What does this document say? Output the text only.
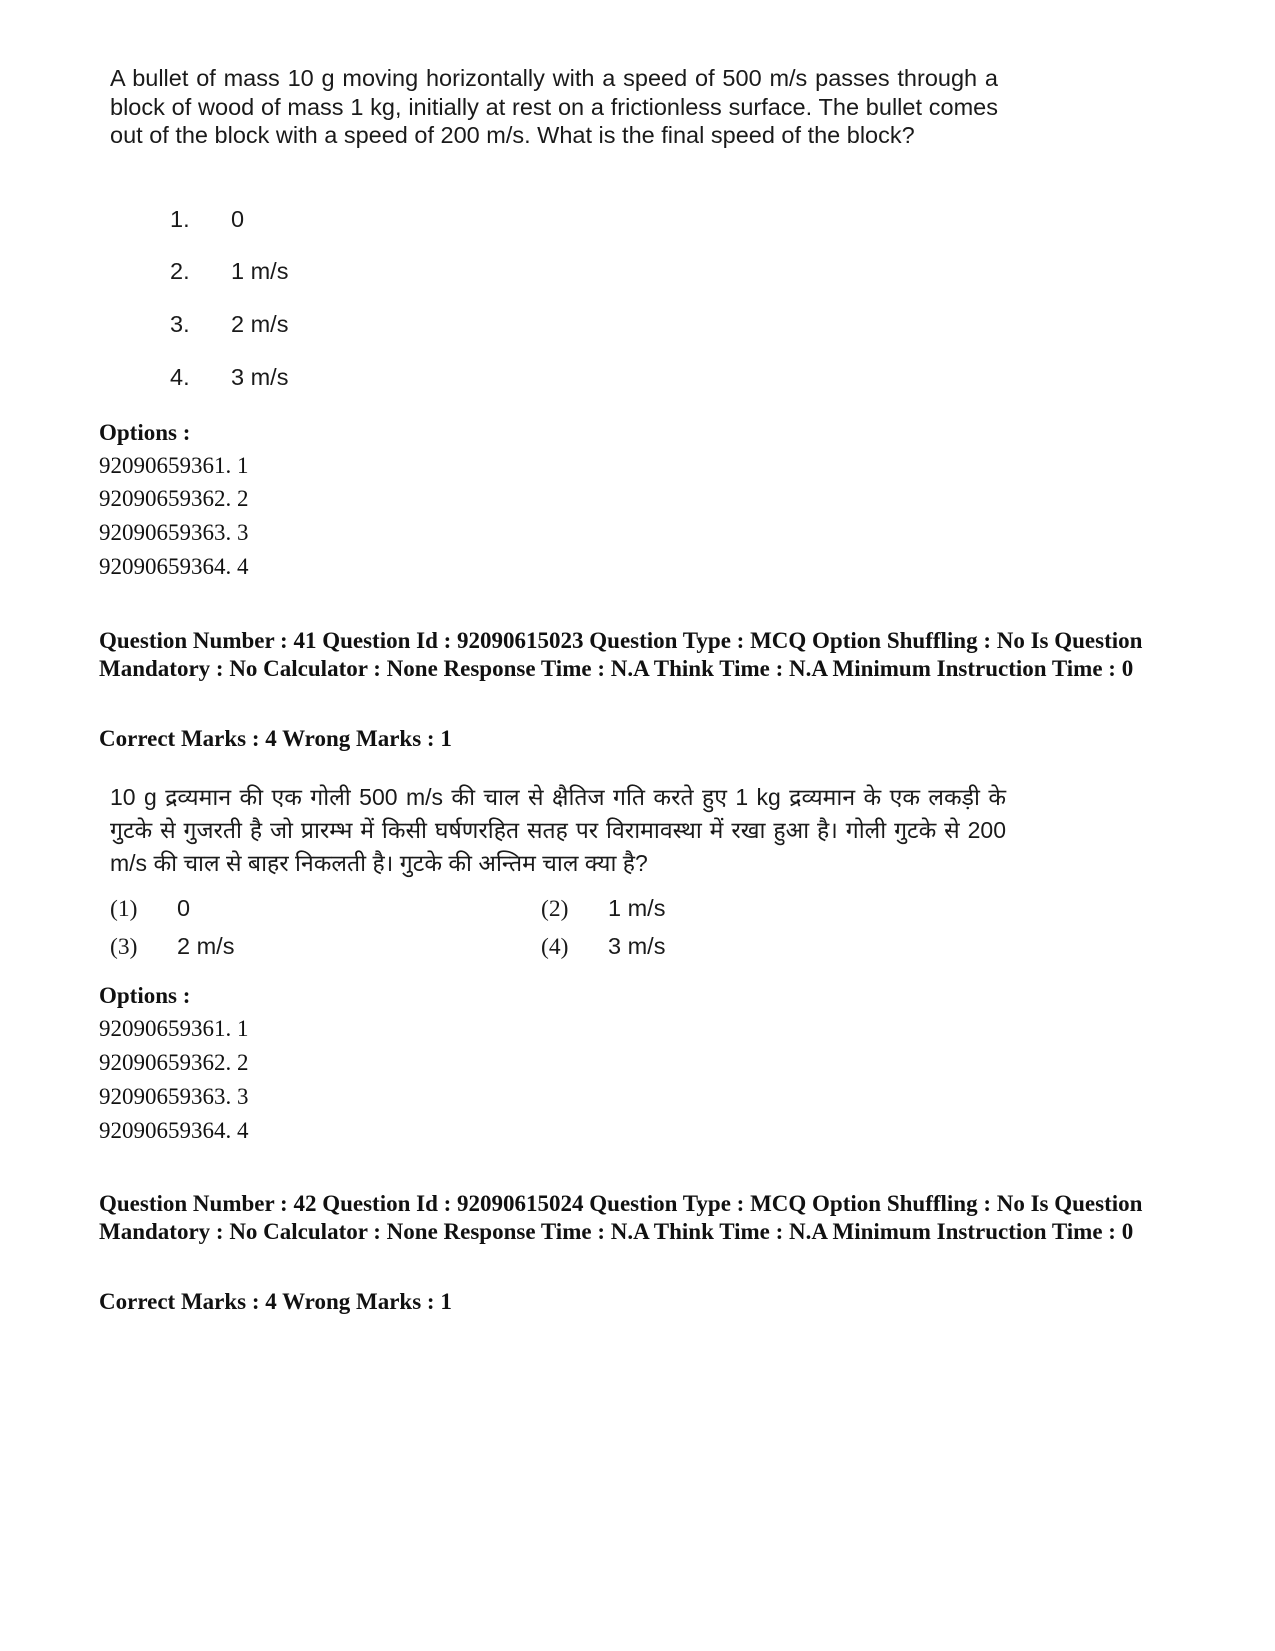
A bullet of mass 10 g moving horizontally with a speed of 500 m/s passes through a block of wood of mass 1 kg, initially at rest on a frictionless surface. The bullet comes out of the block with a speed of 200 m/s. What is the final speed of the block?
1. 0
2. 1 m/s
3. 2 m/s
4. 3 m/s
Options :
92090659361. 1
92090659362. 2
92090659363. 3
92090659364. 4
Question Number : 41 Question Id : 92090615023 Question Type : MCQ Option Shuffling : No Is Question Mandatory : No Calculator : None Response Time : N.A Think Time : N.A Minimum Instruction Time : 0
Correct Marks : 4 Wrong Marks : 1
10 g द्रव्यमान की एक गोली 500 m/s की चाल से क्षैतिज गति करते हुए 1 kg द्रव्यमान के एक लकड़ी के गुटके से गुजरती है जो प्रारम्भ में किसी घर्षणरहित सतह पर विरामावस्था में रखा हुआ है। गोली गुटके से 200 m/s की चाल से बाहर निकलती है। गुटके की अन्तिम चाल क्या है?
(1) 0	(2) 1 m/s
(3) 2 m/s	(4) 3 m/s
Options :
92090659361. 1
92090659362. 2
92090659363. 3
92090659364. 4
Question Number : 42 Question Id : 92090615024 Question Type : MCQ Option Shuffling : No Is Question Mandatory : No Calculator : None Response Time : N.A Think Time : N.A Minimum Instruction Time : 0
Correct Marks : 4 Wrong Marks : 1
